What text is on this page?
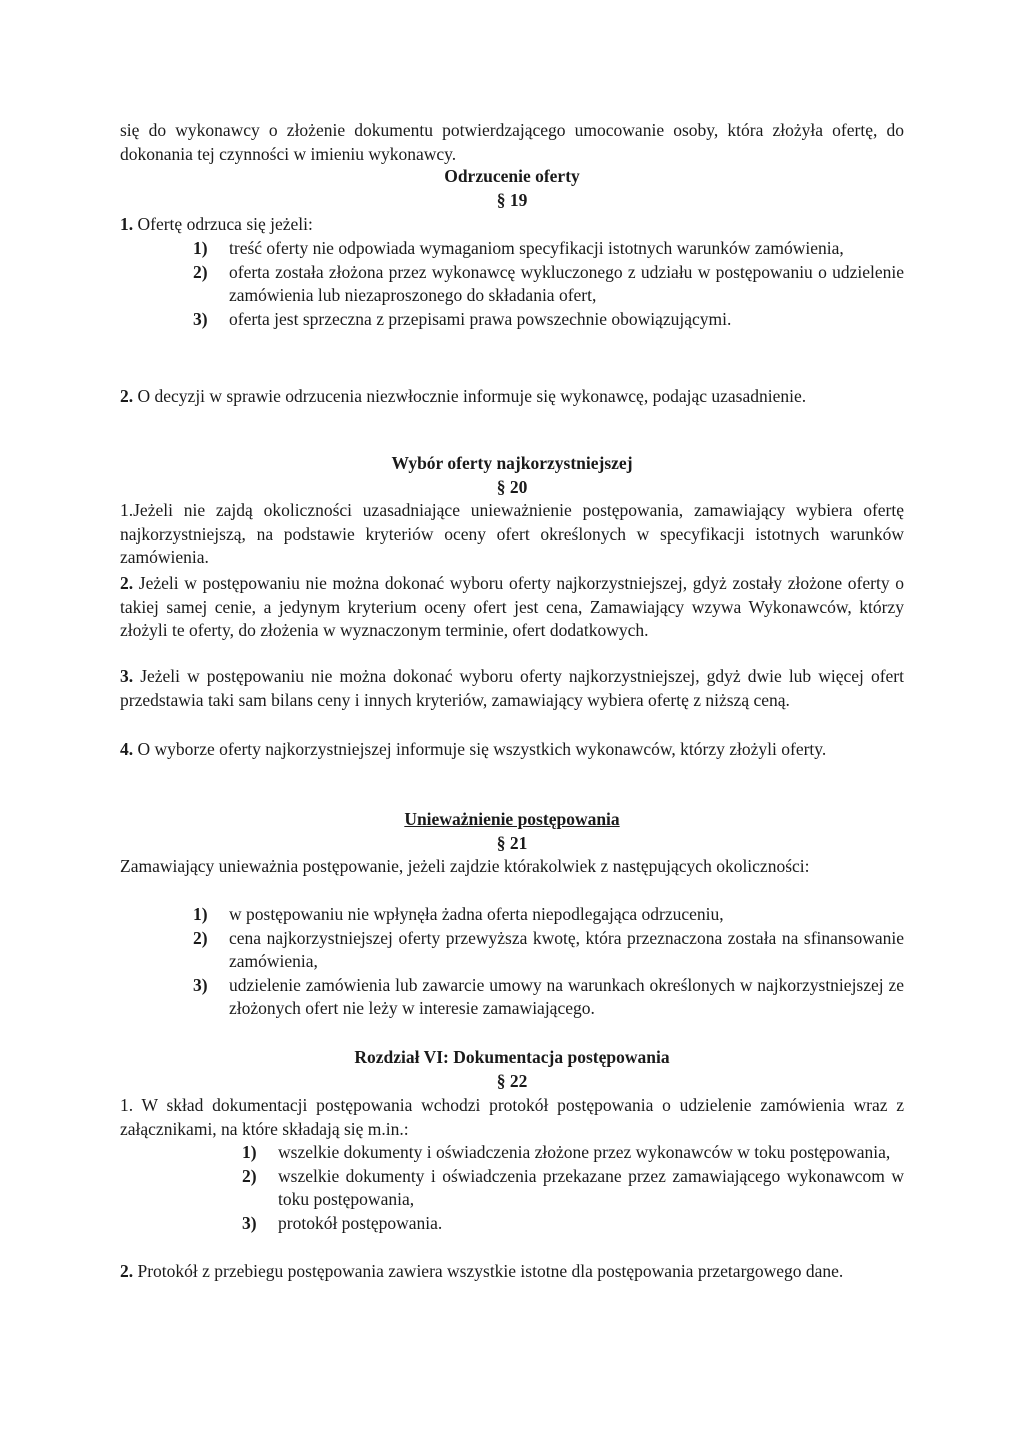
się do wykonawcy o złożenie dokumentu potwierdzającego umocowanie osoby, która złożyła ofertę, do dokonania tej czynności w imieniu wykonawcy.

Odrzucenie oferty

§ 19

1. Ofertę odrzuca się jeżeli:

1)	treść oferty nie odpowiada wymaganiom specyfikacji istotnych warunków zamówienia,
2)	oferta została złożona przez wykonawcę wykluczonego z udziału w postępowaniu o udzielenie zamówienia lub niezaproszonego do składania ofert,
3)	oferta jest sprzeczna z przepisami prawa powszechnie obowiązującymi.

2. O decyzji w sprawie odrzucenia niezwłocznie informuje się wykonawcę, podając uzasadnienie.

Wybór oferty najkorzystniejszej

§ 20

1.Jeżeli nie zajdą okoliczności uzasadniające unieważnienie postępowania, zamawiający wybiera ofertę najkorzystniejszą, na podstawie kryteriów oceny ofert określonych w specyfikacji istotnych warunków zamówienia.

2. Jeżeli w postępowaniu nie można dokonać wyboru oferty najkorzystniejszej, gdyż zostały złożone oferty o takiej samej cenie, a jedynym kryterium oceny ofert jest cena, Zamawiający wzywa Wykonawców, którzy złożyli te oferty, do złożenia w wyznaczonym terminie, ofert dodatkowych.

3. Jeżeli w postępowaniu nie można dokonać wyboru oferty najkorzystniejszej, gdyż dwie lub więcej ofert przedstawia taki sam bilans ceny i innych kryteriów, zamawiający wybiera ofertę z niższą ceną.

4. O wyborze oferty najkorzystniejszej informuje się wszystkich wykonawców, którzy złożyli oferty.

Unieważnienie postępowania

§ 21

Zamawiający unieważnia postępowanie, jeżeli zajdzie którakolwiek z następujących okoliczności:

1)	w postępowaniu nie wpłynęła żadna oferta niepodlegająca odrzuceniu,
2)	cena najkorzystniejszej oferty przewyższa kwotę, która przeznaczona została na sfinansowanie zamówienia,
3)	udzielenie zamówienia lub zawarcie umowy na warunkach określonych w najkorzystniejszej ze złożonych ofert nie leży w interesie zamawiającego.

Rozdział VI: Dokumentacja postępowania

§ 22

1. W skład dokumentacji postępowania wchodzi protokół postępowania o udzielenie zamówienia wraz z załącznikami, na które składają się m.in.:

1)	wszelkie dokumenty i oświadczenia złożone przez wykonawców w toku postępowania,
2)	wszelkie dokumenty i oświadczenia przekazane przez zamawiającego wykonawcom w toku postępowania,
3)	protokół postępowania.

2. Protokół z przebiegu postępowania zawiera wszystkie istotne dla postępowania przetargowego dane.
